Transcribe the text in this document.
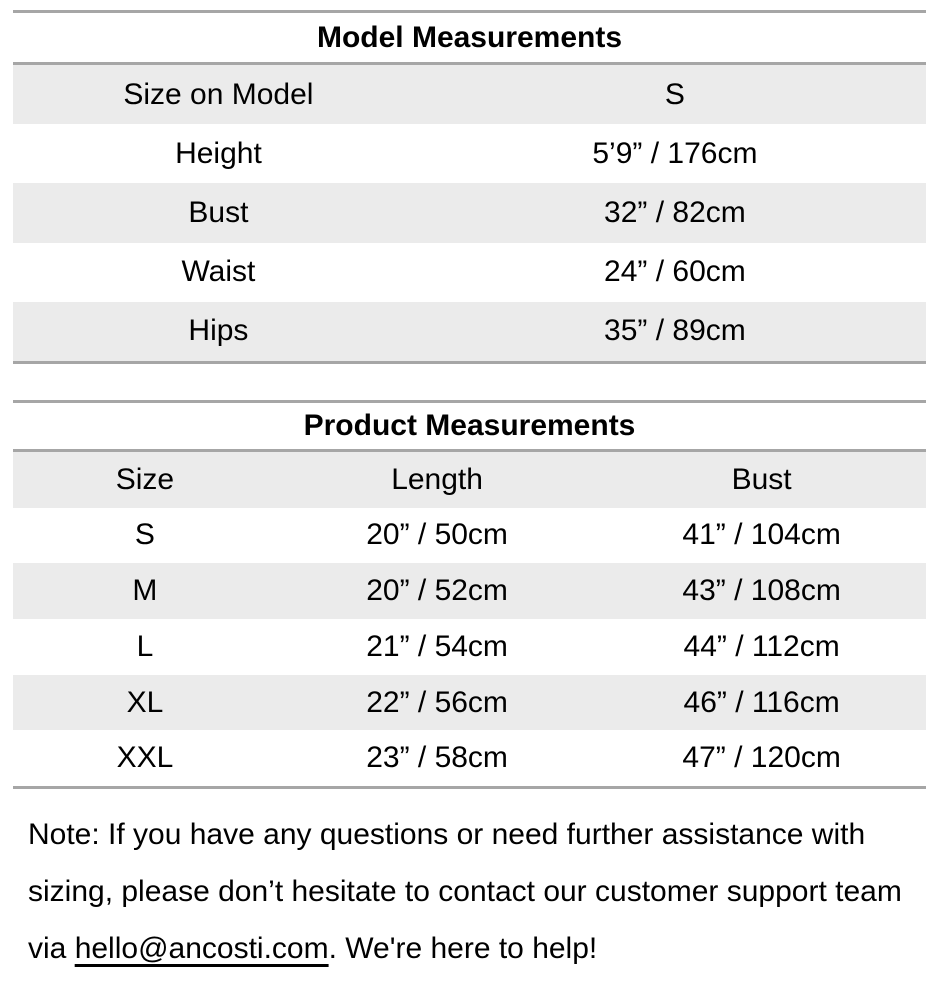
Model Measurements
Size on Model	S
Height	5’9” / 176cm
Bust	32” / 82cm
Waist	24” / 60cm
Hips	35” / 89cm
Product Measurements
Size	Length	Bust
S	20” / 50cm	41” / 104cm
M	20” / 52cm	43” / 108cm
L	21” / 54cm	44” / 112cm
XL	22” / 56cm	46” / 116cm
XXL	23” / 58cm	47” / 120cm

Note: If you have any questions or need further assistance with sizing, please don’t hesitate to contact our customer support team via hello@ancosti.com. We're here to help!
